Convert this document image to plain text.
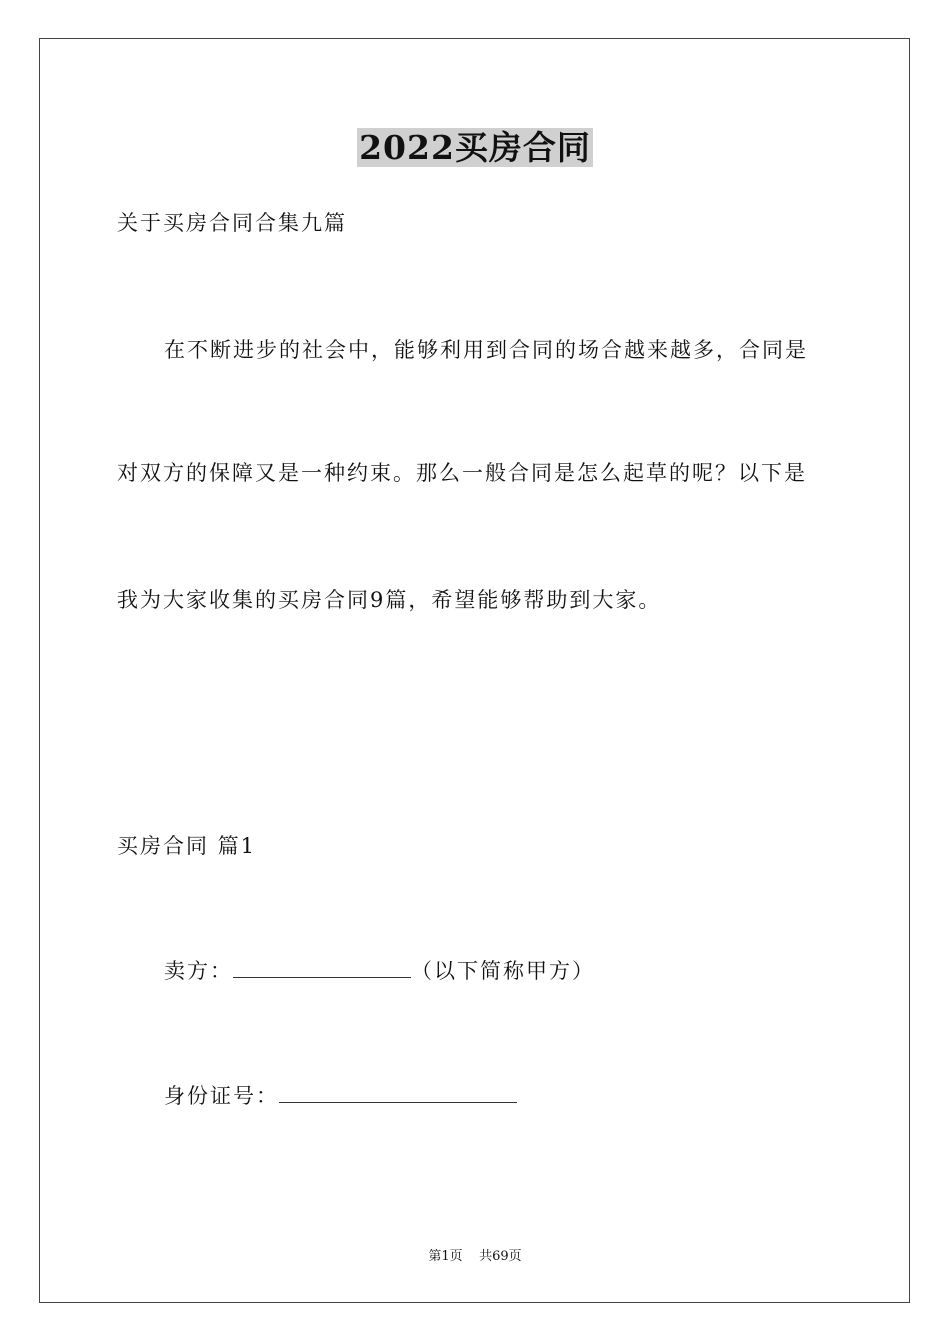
2022买房合同
关于买房合同合集九篇
在不断进步的社会中，能够利用到合同的场合越来越多，合同是
对双方的保障又是一种约束。那么一般合同是怎么起草的呢？以下是
我为大家收集的买房合同9篇，希望能够帮助到大家。
买房合同 篇1
卖方：	（以下简称甲方）
身份证号：
第1页    共69页
